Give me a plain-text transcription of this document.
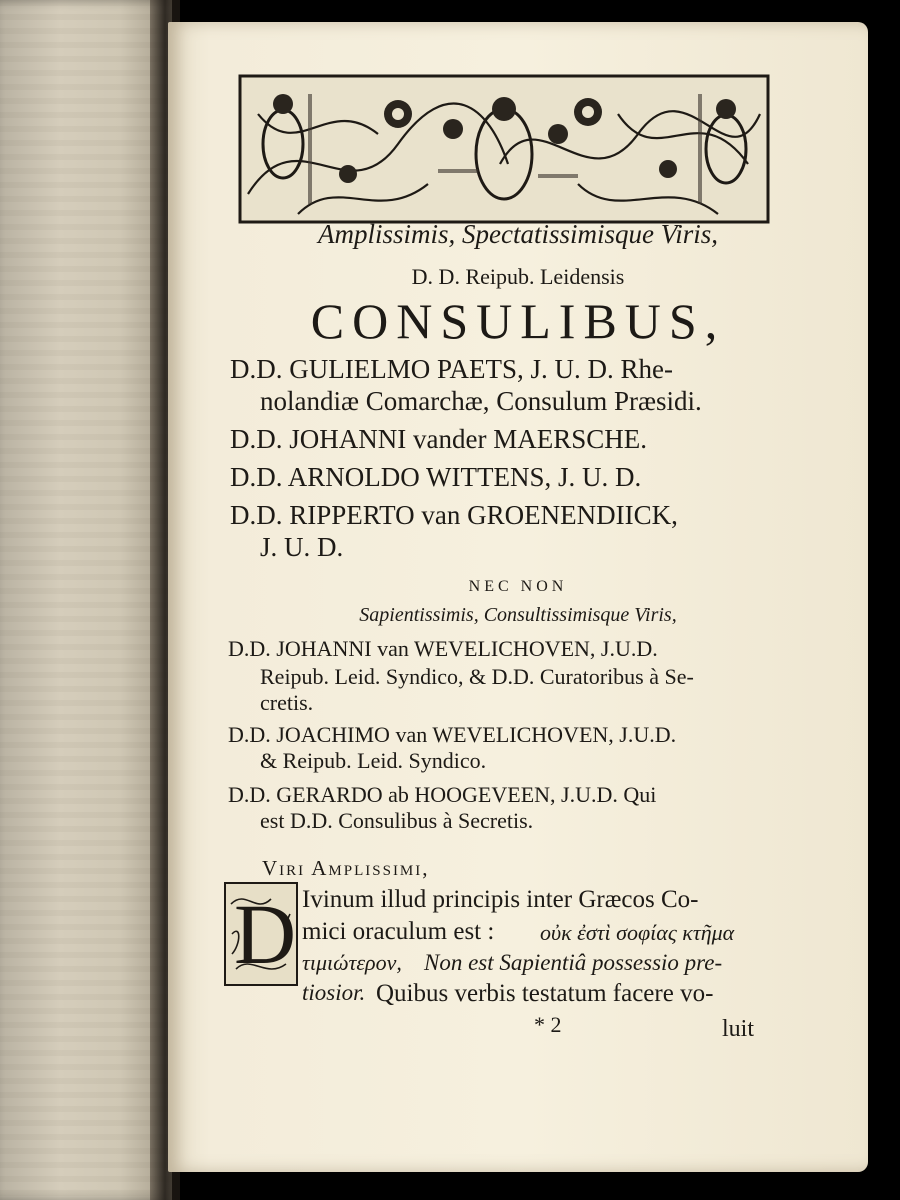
Amplissimis, Spectatissimisque Viris,
D. D. Reipub. Leidensis
CONSULIBUS,
D.D. GULIELMO PAETS, J. U. D. Rhe-
nolandiæ Comarchæ, Consulum Præsidi.
D.D. JOHANNI vander MAERSCHE.
D.D. ARNOLDO WITTENS, J. U. D.
D.D. RIPPERTO van GROENENDIICK,
J. U. D.
NEC NON
Sapientissimis, Consultissimisque Viris,
D.D. JOHANNI van WEVELICHOVEN, J.U.D.
Reipub. Leid. Syndico, & D.D. Curatoribus à Se-
cretis.
D.D. JOACHIMO van WEVELICHOVEN, J.U.D.
& Reipub. Leid. Syndico.
D.D. GERARDO ab HOOGEVEEN, J.U.D. Qui
est D.D. Consulibus à Secretis.
Viri Amplissimi,
D Ivinum illud principis inter Græcos Co-
mici oraculum est :	οὐκ ἐστὶ σοφίας κτῆμα
τιμιώτερον, Non est Sapientiâ possessio pre-
tiosior. Quibus verbis testatum facere vo-
* 2	luit
